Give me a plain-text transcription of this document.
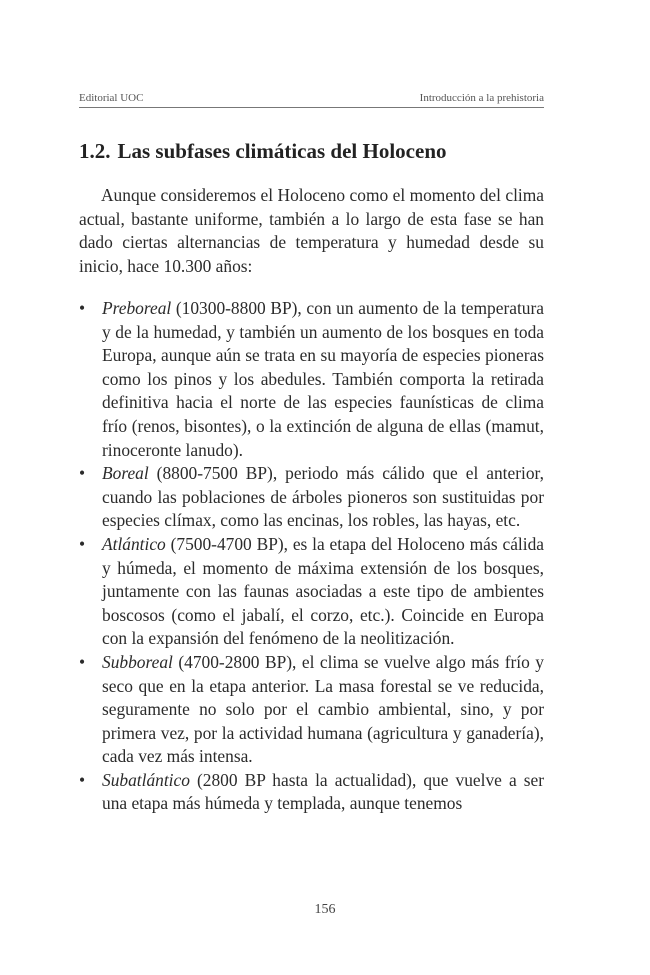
Editorial UOC	Introducción a la prehistoria
1.2. Las subfases climáticas del Holoceno

Aunque consideremos el Holoceno como el momento del clima actual, bastante uniforme, también a lo largo de esta fase se han dado ciertas alternancias de temperatura y humedad desde su inicio, hace 10.300 años:

• Preboreal (10300-8800 BP), con un aumento de la temperatura y de la humedad, y también un aumento de los bosques en toda Europa, aunque aún se trata en su mayoría de especies pioneras como los pinos y los abedules. También comporta la retirada definitiva hacia el norte de las especies faunísticas de clima frío (renos, bisontes), o la extinción de alguna de ellas (mamut, rinoceronte lanudo).
• Boreal (8800-7500 BP), periodo más cálido que el anterior, cuando las poblaciones de árboles pioneros son sustituidas por especies clímax, como las encinas, los robles, las hayas, etc.
• Atlántico (7500-4700 BP), es la etapa del Holoceno más cálida y húmeda, el momento de máxima extensión de los bosques, juntamente con las faunas asociadas a este tipo de ambientes boscosos (como el jabalí, el corzo, etc.). Coincide en Europa con la expansión del fenómeno de la neolitización.
• Subboreal (4700-2800 BP), el clima se vuelve algo más frío y seco que en la etapa anterior. La masa forestal se ve reducida, seguramente no solo por el cambio ambiental, sino, y por primera vez, por la actividad humana (agricultura y ganadería), cada vez más intensa.
• Subatlántico (2800 BP hasta la actualidad), que vuelve a ser una etapa más húmeda y templada, aunque tenemos
156
